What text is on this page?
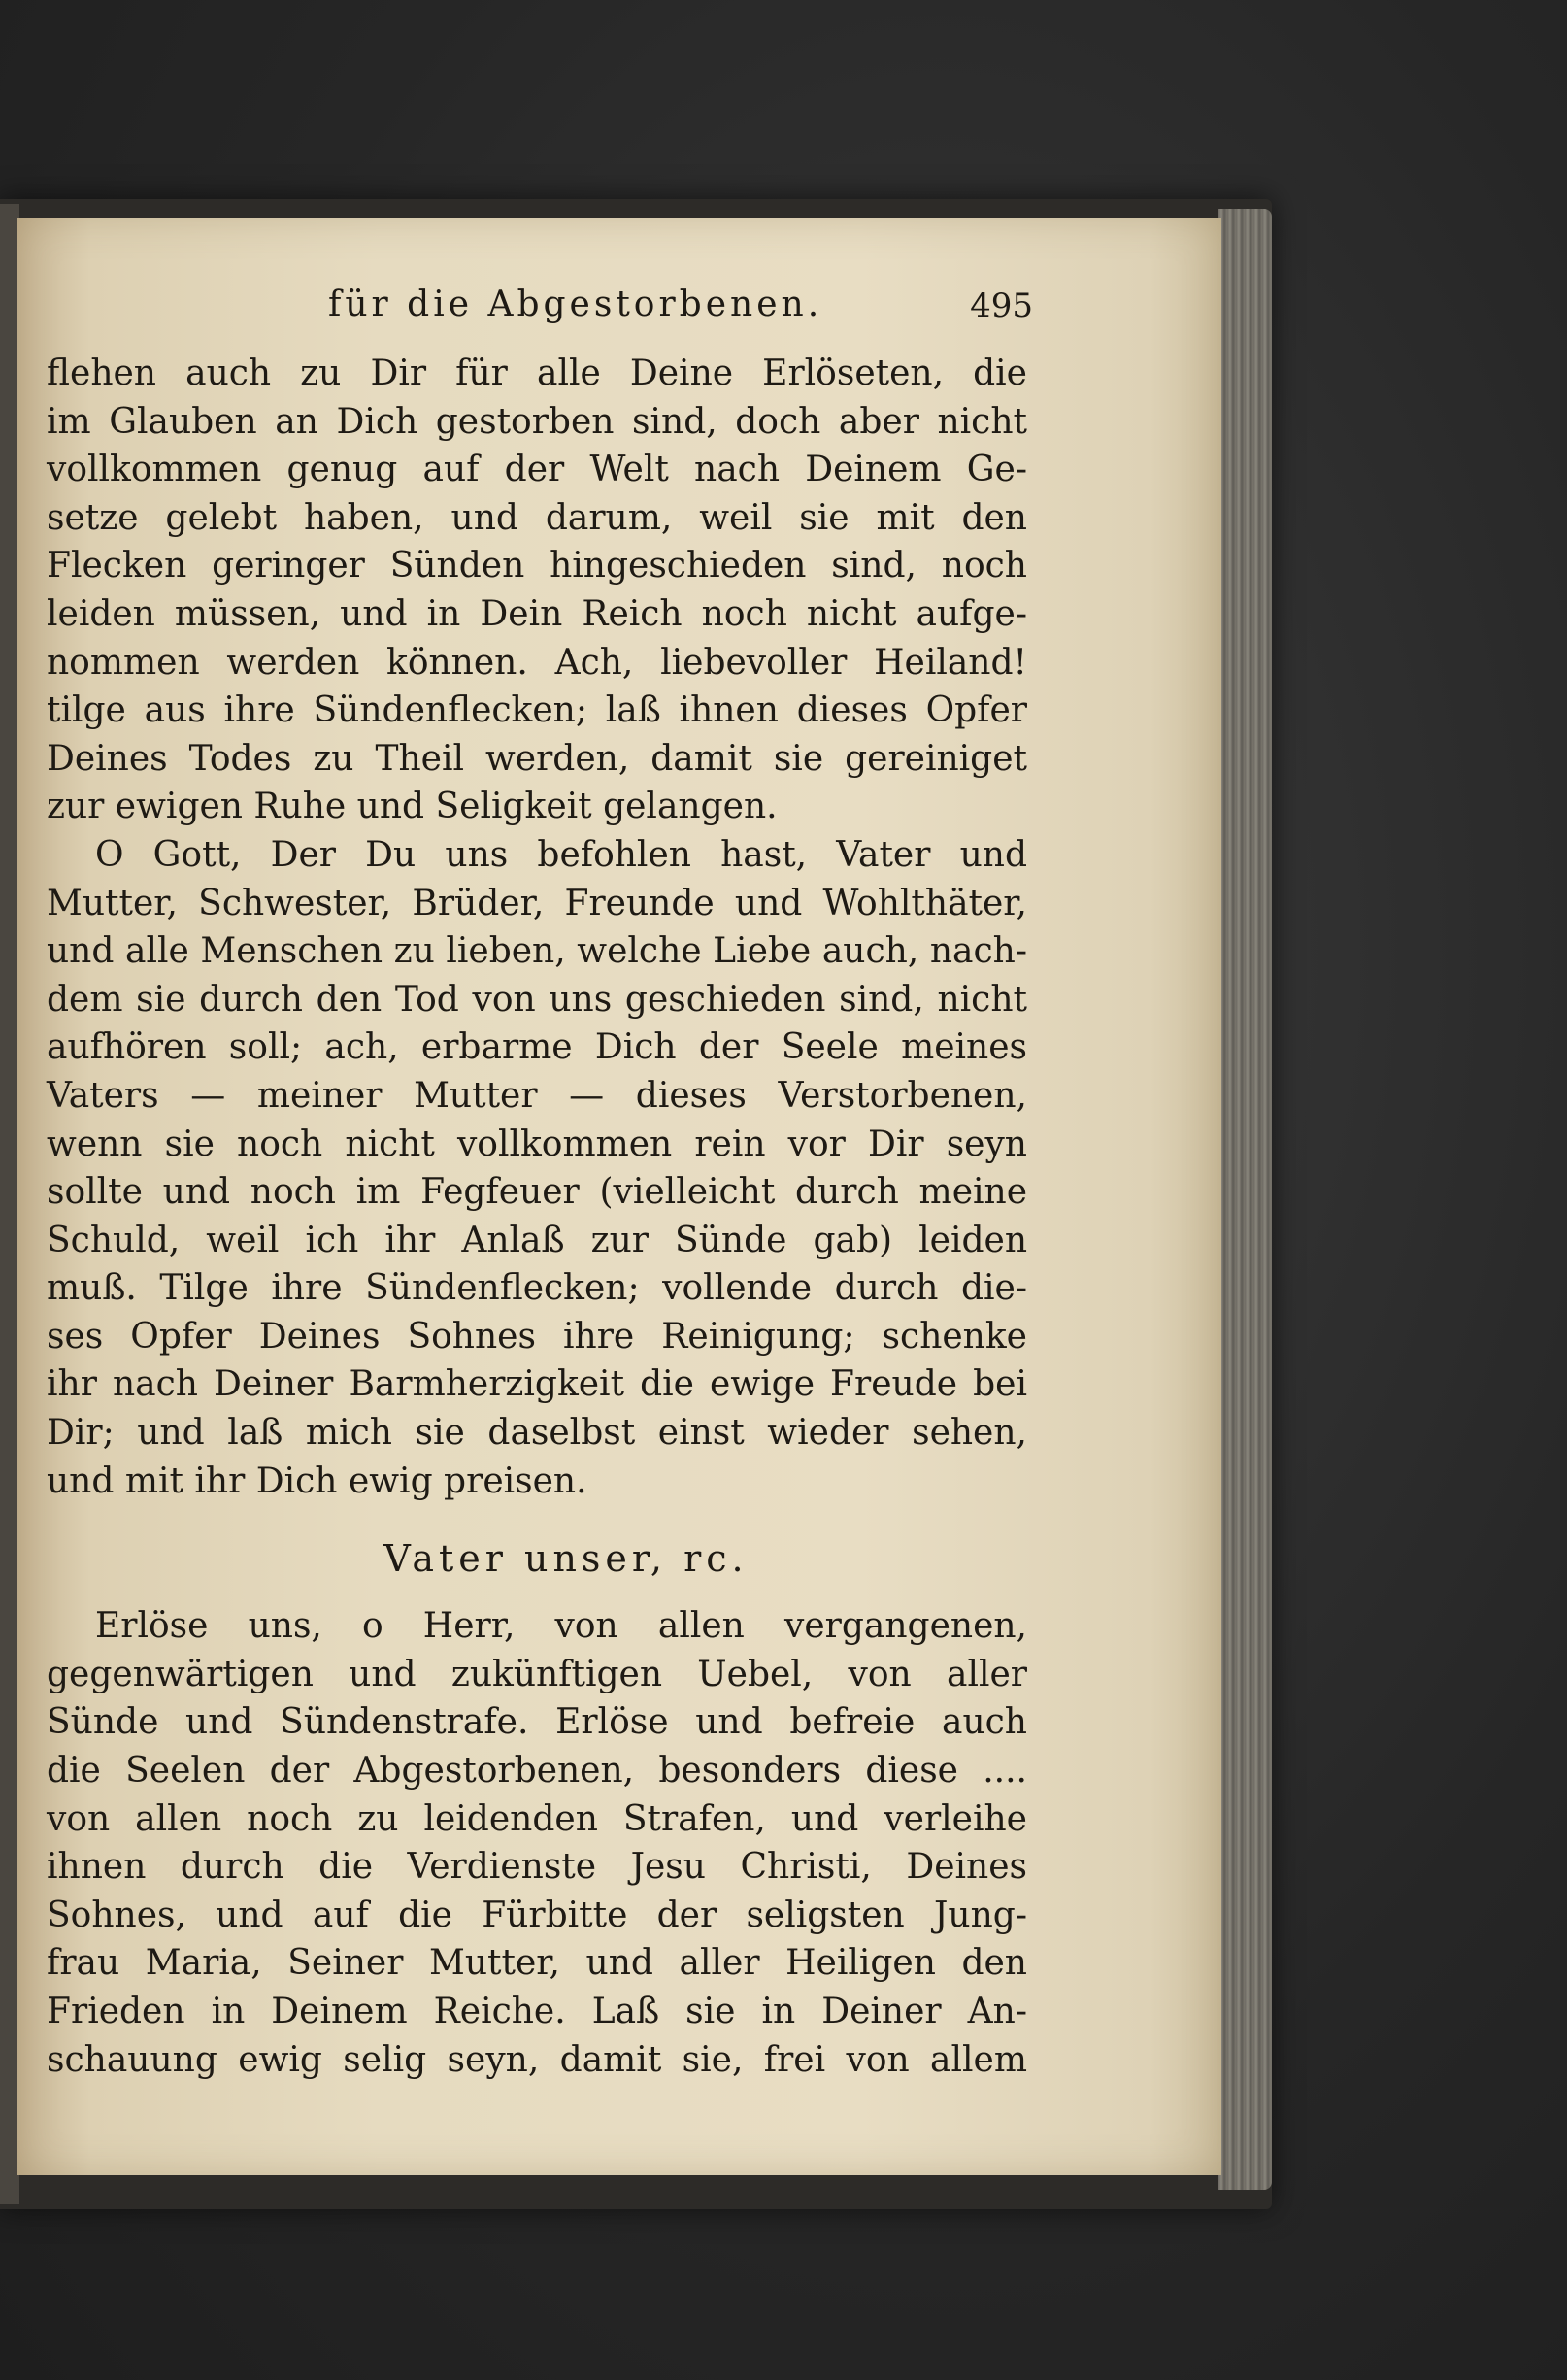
für die Abgestorbenen.	495
flehen auch zu Dir für alle Deine Erlöseten, die
im Glauben an Dich gestorben sind, doch aber nicht
vollkommen genug auf der Welt nach Deinem Ge-
setze gelebt haben, und darum, weil sie mit den
Flecken geringer Sünden hingeschieden sind, noch
leiden müssen, und in Dein Reich noch nicht aufge-
nommen werden können. Ach, liebevoller Heiland!
tilge aus ihre Sündenflecken; laß ihnen dieses Opfer
Deines Todes zu Theil werden, damit sie gereiniget
zur ewigen Ruhe und Seligkeit gelangen.
O Gott, Der Du uns befohlen hast, Vater und
Mutter, Schwester, Brüder, Freunde und Wohlthäter,
und alle Menschen zu lieben, welche Liebe auch, nach-
dem sie durch den Tod von uns geschieden sind, nicht
aufhören soll; ach, erbarme Dich der Seele meines
Vaters — meiner Mutter — dieses Verstorbenen,
wenn sie noch nicht vollkommen rein vor Dir seyn
sollte und noch im Fegfeuer (vielleicht durch meine
Schuld, weil ich ihr Anlaß zur Sünde gab) leiden
muß. Tilge ihre Sündenflecken; vollende durch die-
ses Opfer Deines Sohnes ihre Reinigung; schenke
ihr nach Deiner Barmherzigkeit die ewige Freude bei
Dir; und laß mich sie daselbst einst wieder sehen,
und mit ihr Dich ewig preisen.
Vater unser, rc.
Erlöse uns, o Herr, von allen vergangenen,
gegenwärtigen und zukünftigen Uebel, von aller
Sünde und Sündenstrafe. Erlöse und befreie auch
die Seelen der Abgestorbenen, besonders diese ....
von allen noch zu leidenden Strafen, und verleihe
ihnen durch die Verdienste Jesu Christi, Deines
Sohnes, und auf die Fürbitte der seligsten Jung-
frau Maria, Seiner Mutter, und aller Heiligen den
Frieden in Deinem Reiche. Laß sie in Deiner An-
schauung ewig selig seyn, damit sie, frei von allem
